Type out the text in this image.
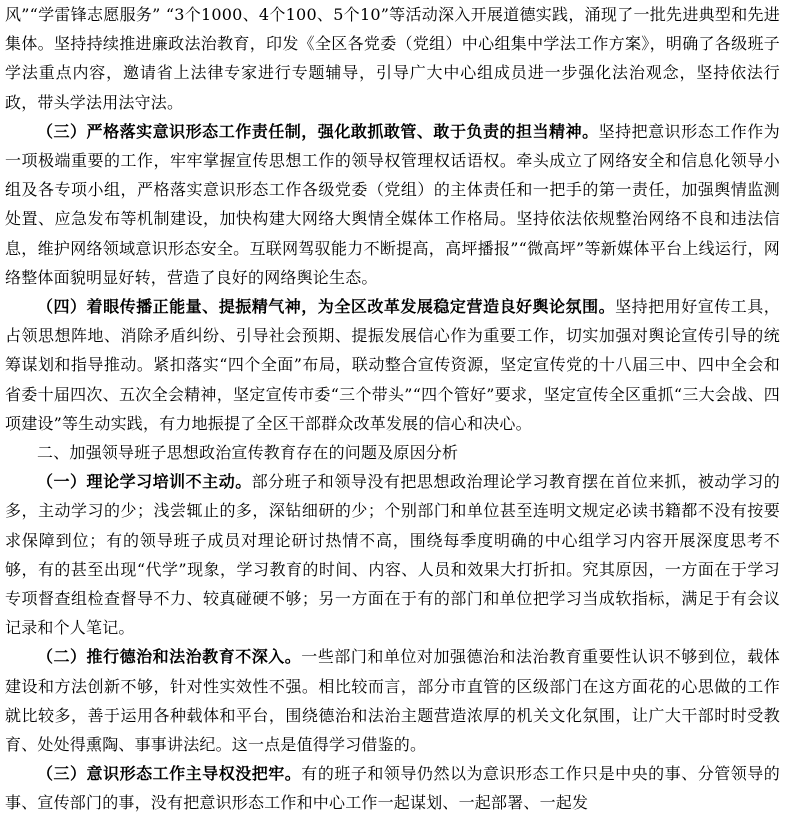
风”“学雷锋志愿服务” “3个1000、4个100、5个10”等活动深入开展道德实践，涌现了一批先进典型和先进集体。坚持持续推进廉政法治教育，印发《全区各党委（党组）中心组集中学法工作方案》，明确了各级班子学法重点内容，邀请省上法律专家进行专题辅导，引导广大中心组成员进一步强化法治观念，坚持依法行政，带头学法用法守法。

（三）严格落实意识形态工作责任制，强化敢抓敢管、敢于负责的担当精神。坚持把意识形态工作作为一项极端重要的工作，牢牢掌握宣传思想工作的领导权管理权话语权。牵头成立了网络安全和信息化领导小组及各专项小组，严格落实意识形态工作各级党委（党组）的主体责任和一把手的第一责任，加强舆情监测处置、应急发布等机制建设，加快构建大网络大舆情全媒体工作格局。坚持依法依规整治网络不良和违法信息，维护网络领域意识形态安全。互联网驾驭能力不断提高，高坪播报”“微高坪”等新媒体平台上线运行，网络整体面貌明显好转，营造了良好的网络舆论生态。

（四）着眼传播正能量、提振精气神，为全区改革发展稳定营造良好舆论氛围。坚持把用好宣传工具，占领思想阵地、消除矛盾纠纷、引导社会预期、提振发展信心作为重要工作，切实加强对舆论宣传引导的统筹谋划和指导推动。紧扣落实“四个全面”布局，联动整合宣传资源，坚定宣传党的十八届三中、四中全会和省委十届四次、五次全会精神，坚定宣传市委“三个带头”“四个管好”要求，坚定宣传全区重抓“三大会战、四项建设”等生动实践，有力地振提了全区干部群众改革发展的信心和决心。

二、加强领导班子思想政治宣传教育存在的问题及原因分析

（一）理论学习培训不主动。部分班子和领导没有把思想政治理论学习教育摆在首位来抓，被动学习的多，主动学习的少；浅尝辄止的多，深钻细研的少；个别部门和单位甚至连明文规定必读书籍都不没有按要求保障到位；有的领导班子成员对理论研讨热情不高，围绕每季度明确的中心组学习内容开展深度思考不够，有的甚至出现“代学”现象，学习教育的时间、内容、人员和效果大打折扣。究其原因，一方面在于学习专项督查组检查督导不力、较真碰硬不够；另一方面在于有的部门和单位把学习当成软指标，满足于有会议记录和个人笔记。

（二）推行德治和法治教育不深入。一些部门和单位对加强德治和法治教育重要性认识不够到位，载体建设和方法创新不够，针对性实效性不强。相比较而言，部分市直管的区级部门在这方面花的心思做的工作就比较多，善于运用各种载体和平台，围绕德治和法治主题营造浓厚的机关文化氛围，让广大干部时时受教育、处处得熏陶、事事讲法纪。这一点是值得学习借鉴的。

（三）意识形态工作主导权没把牢。有的班子和领导仍然以为意识形态工作只是中央的事、分管领导的事、宣传部门的事，没有把意识形态工作和中心工作一起谋划、一起部署、一起发
